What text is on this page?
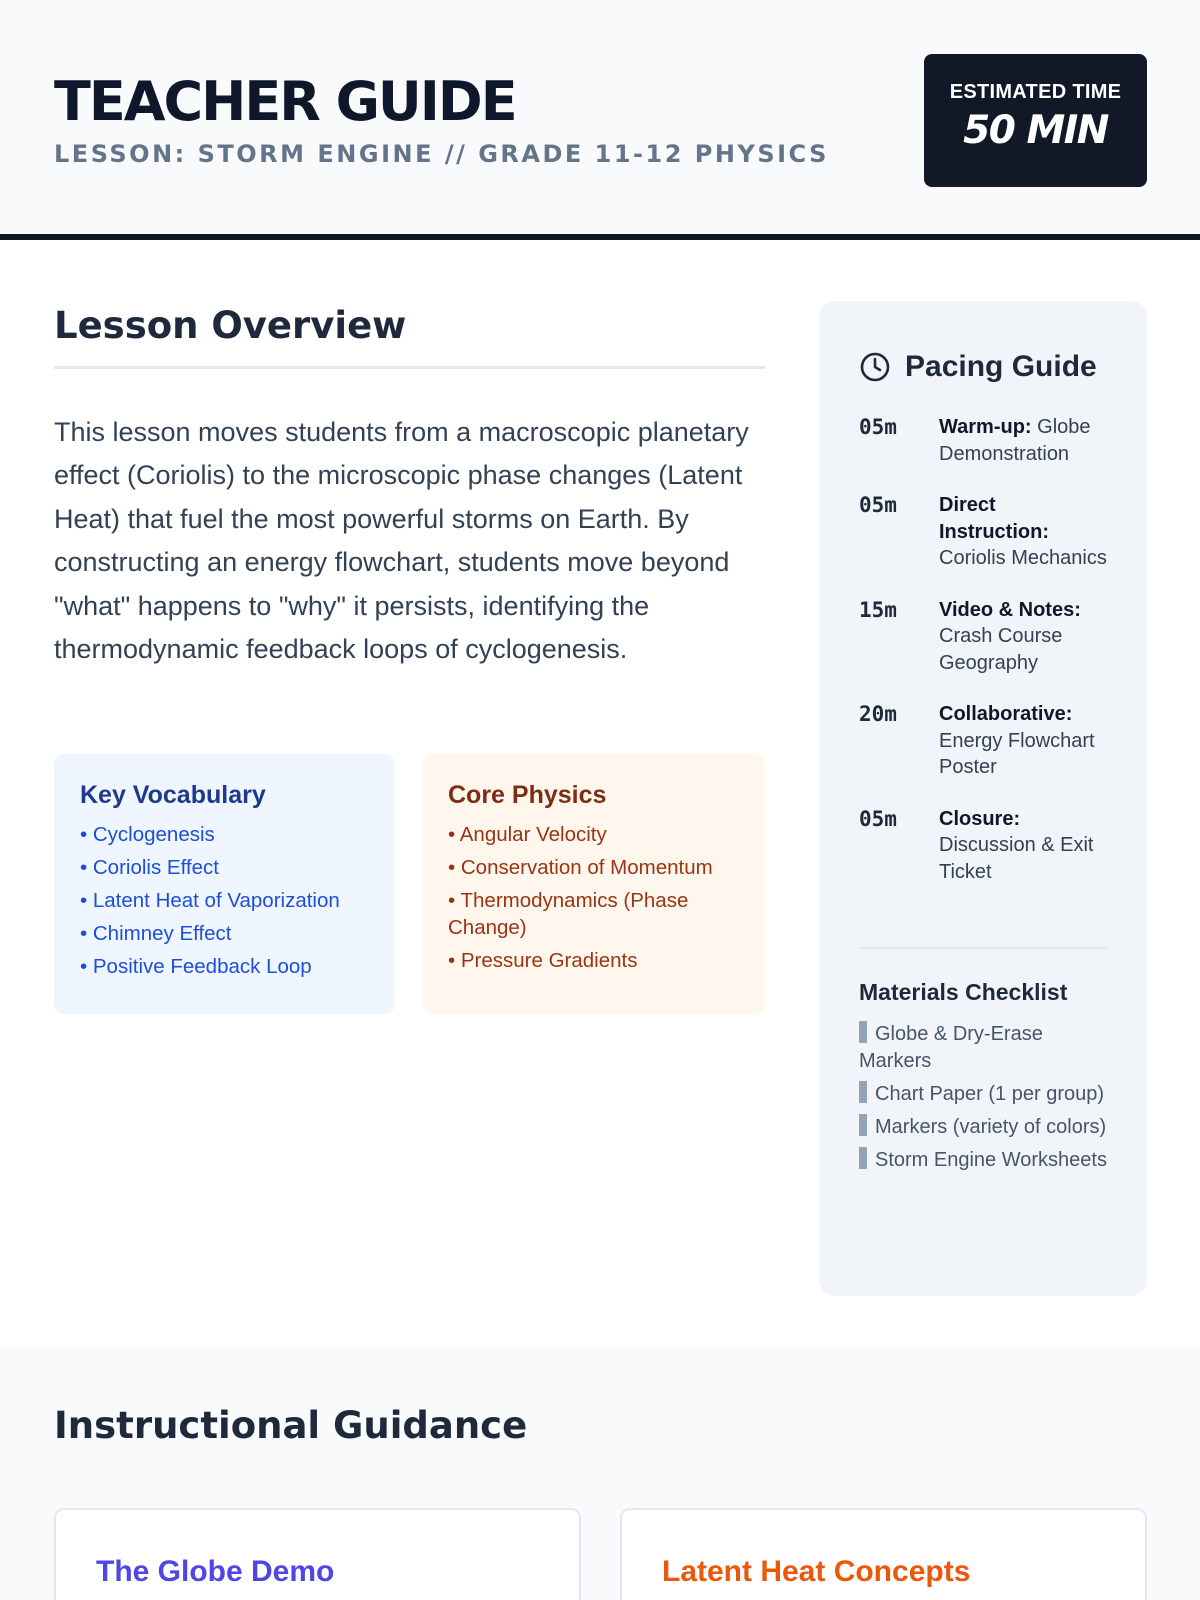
TEACHER GUIDE
LESSON: STORM ENGINE // GRADE 11-12 PHYSICS
ESTIMATED TIME
50 MIN
Lesson Overview

This lesson moves students from a macroscopic planetary effect (Coriolis) to the microscopic phase changes (Latent Heat) that fuel the most powerful storms on Earth. By constructing an energy flowchart, students move beyond "what" happens to "why" it persists, identifying the thermodynamic feedback loops of cyclogenesis.

Key Vocabulary
• Cyclogenesis
• Coriolis Effect
• Latent Heat of Vaporization
• Chimney Effect
• Positive Feedback Loop
Core Physics
• Angular Velocity
• Conservation of Momentum
• Thermodynamics (Phase Change)
• Pressure Gradients
Pacing Guide
05m	Warm-up: Globe Demonstration
05m	Direct Instruction: Coriolis Mechanics
15m	Video & Notes: Crash Course Geography
20m	Collaborative: Energy Flowchart Poster
05m	Closure: Discussion & Exit Ticket
Materials Checklist
Globe & Dry-Erase Markers
Chart Paper (1 per group)
Markers (variety of colors)
Storm Engine Worksheets
Instructional Guidance
The Globe Demo	Latent Heat Concepts
